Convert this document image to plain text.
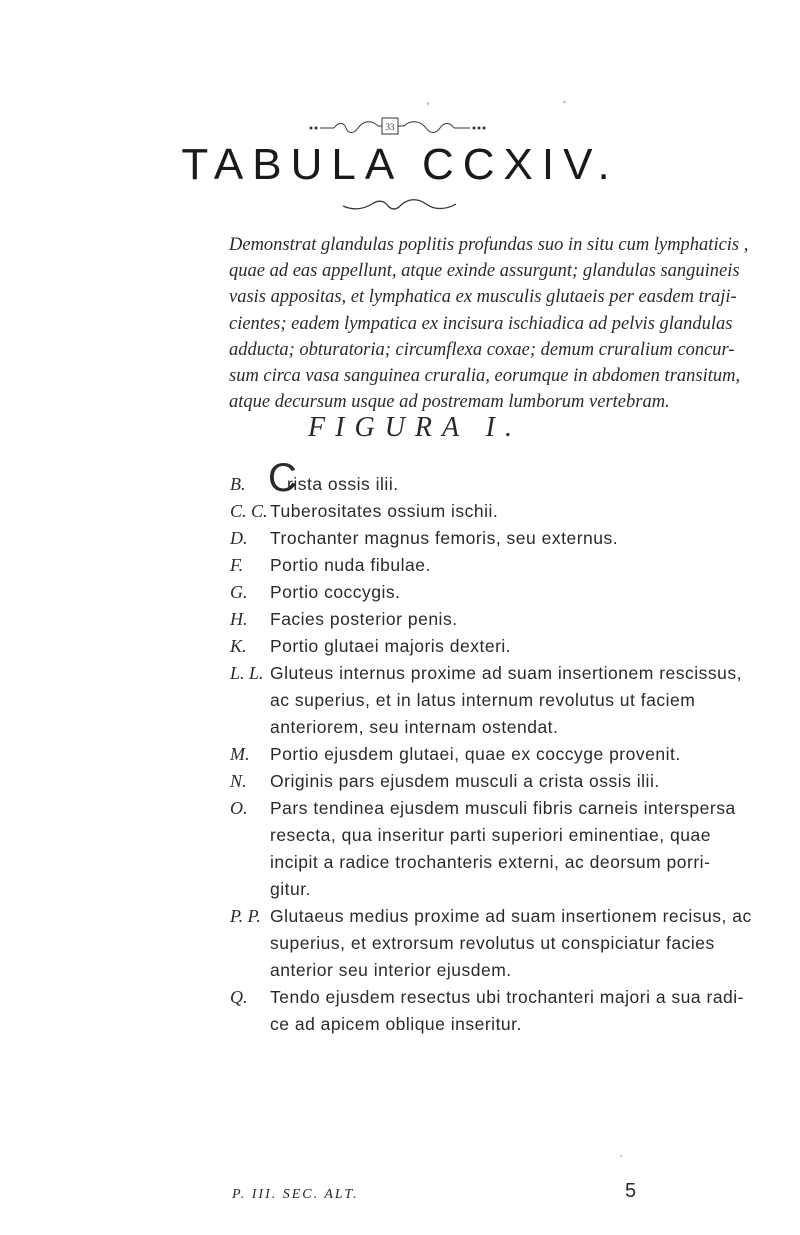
33
TABULA CCXIV.
Demonstrat glandulas poplitis profundas suo in situ cum lymphaticis ,
quae ad eas appellunt, atque exinde assurgunt; glandulas sanguineis
vasis appositas, et lymphatica ex musculis glutaeis per easdem traji-
cientes; eadem lympatica ex incisura ischiadica ad pelvis glandulas
adducta; obturatoria; circumflexa coxae; demum cruralium concur-
sum circa vasa sanguinea cruralia, eorumque in abdomen transitum,
atque decursum usque ad postremam lumborum vertebram.
FIGURA I.
B. C
rista ossis ilii.
C. C. Tuberositates ossium ischii.
D. Trochanter magnus femoris, seu externus.
F. Portio nuda fibulae.
G. Portio coccygis.
H. Facies posterior penis.
K. Portio glutaei majoris dexteri.
L. L. Gluteus internus proxime ad suam insertionem rescissus,
ac superius, et in latus internum revolutus ut faciem
anteriorem, seu internam ostendat.
M. Portio ejusdem glutaei, quae ex coccyge provenit.
N. Originis pars ejusdem musculi a crista ossis ilii.
O. Pars tendinea ejusdem musculi fibris carneis interspersa
resecta, qua inseritur parti superiori eminentiae, quae
incipit a radice trochanteris externi, ac deorsum porri-
gitur.
P. P. Glutaeus medius proxime ad suam insertionem recisus, ac
superius, et extrorsum revolutus ut conspiciatur facies
anterior seu interior ejusdem.
Q. Tendo ejusdem resectus ubi trochanteri majori a sua radi-
ce ad apicem oblique inseritur.
P. III. SEC. ALT.	5
